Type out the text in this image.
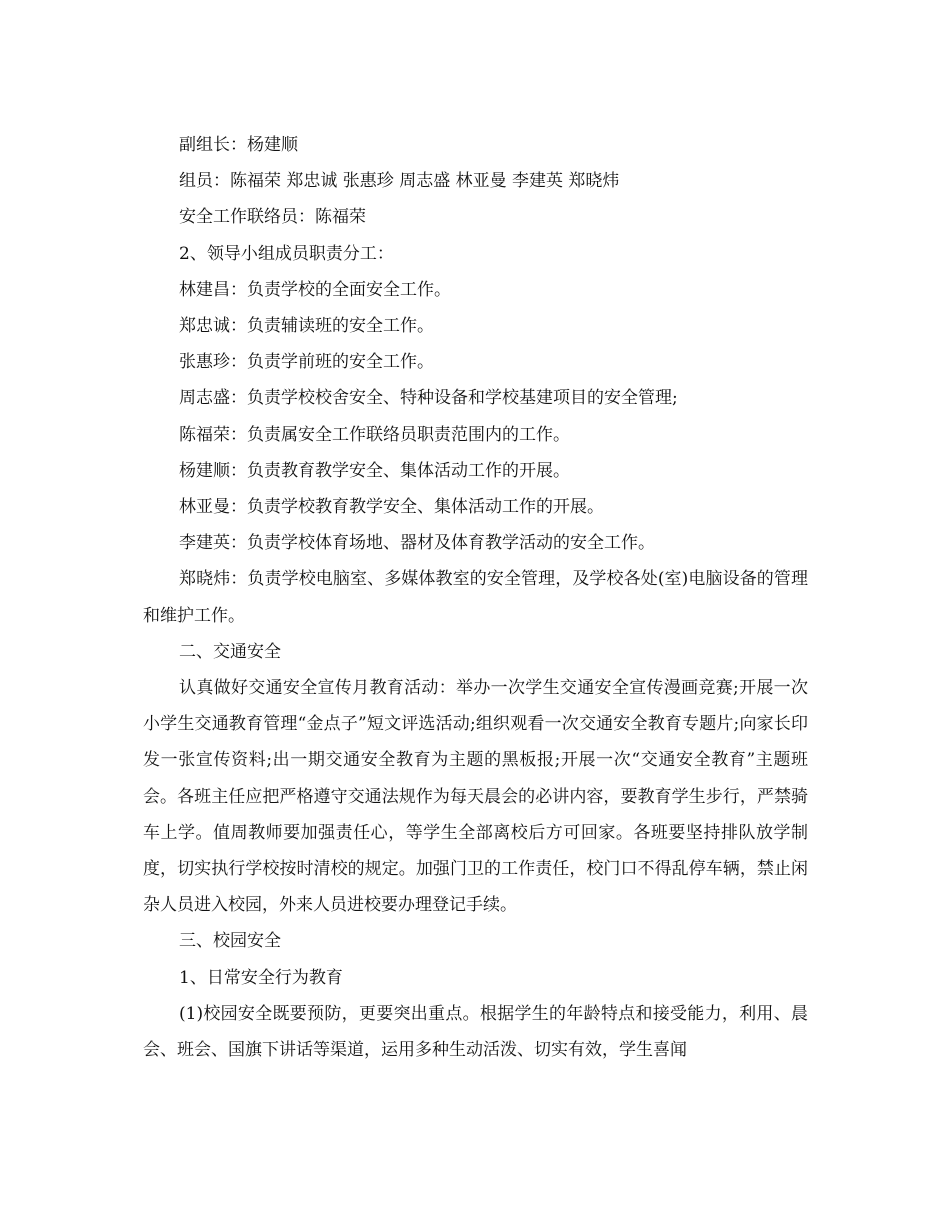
副组长：杨建顺

组员：陈福荣 郑忠诚 张惠珍 周志盛 林亚曼 李建英 郑晓炜

安全工作联络员：陈福荣

2、领导小组成员职责分工：

林建昌：负责学校的全面安全工作。

郑忠诚：负责辅读班的安全工作。

张惠珍：负责学前班的安全工作。

周志盛：负责学校校舍安全、特种设备和学校基建项目的安全管理;

陈福荣：负责属安全工作联络员职责范围内的工作。

杨建顺：负责教育教学安全、集体活动工作的开展。

林亚曼：负责学校教育教学安全、集体活动工作的开展。

李建英：负责学校体育场地、器材及体育教学活动的安全工作。

郑晓炜：负责学校电脑室、多媒体教室的安全管理，及学校各处(室)电脑设备的管理和维护工作。

二、交通安全

认真做好交通安全宣传月教育活动：举办一次学生交通安全宣传漫画竞赛;开展一次小学生交通教育管理“金点子”短文评选活动;组织观看一次交通安全教育专题片;向家长印发一张宣传资料;出一期交通安全教育为主题的黑板报;开展一次“交通安全教育”主题班会。各班主任应把严格遵守交通法规作为每天晨会的必讲内容，要教育学生步行，严禁骑车上学。值周教师要加强责任心，等学生全部离校后方可回家。各班要坚持排队放学制度，切实执行学校按时清校的规定。加强门卫的工作责任，校门口不得乱停车辆，禁止闲杂人员进入校园，外来人员进校要办理登记手续。

三、校园安全

1、日常安全行为教育

(1)校园安全既要预防，更要突出重点。根据学生的年龄特点和接受能力，利用、晨会、班会、国旗下讲话等渠道，运用多种生动活泼、切实有效，学生喜闻
